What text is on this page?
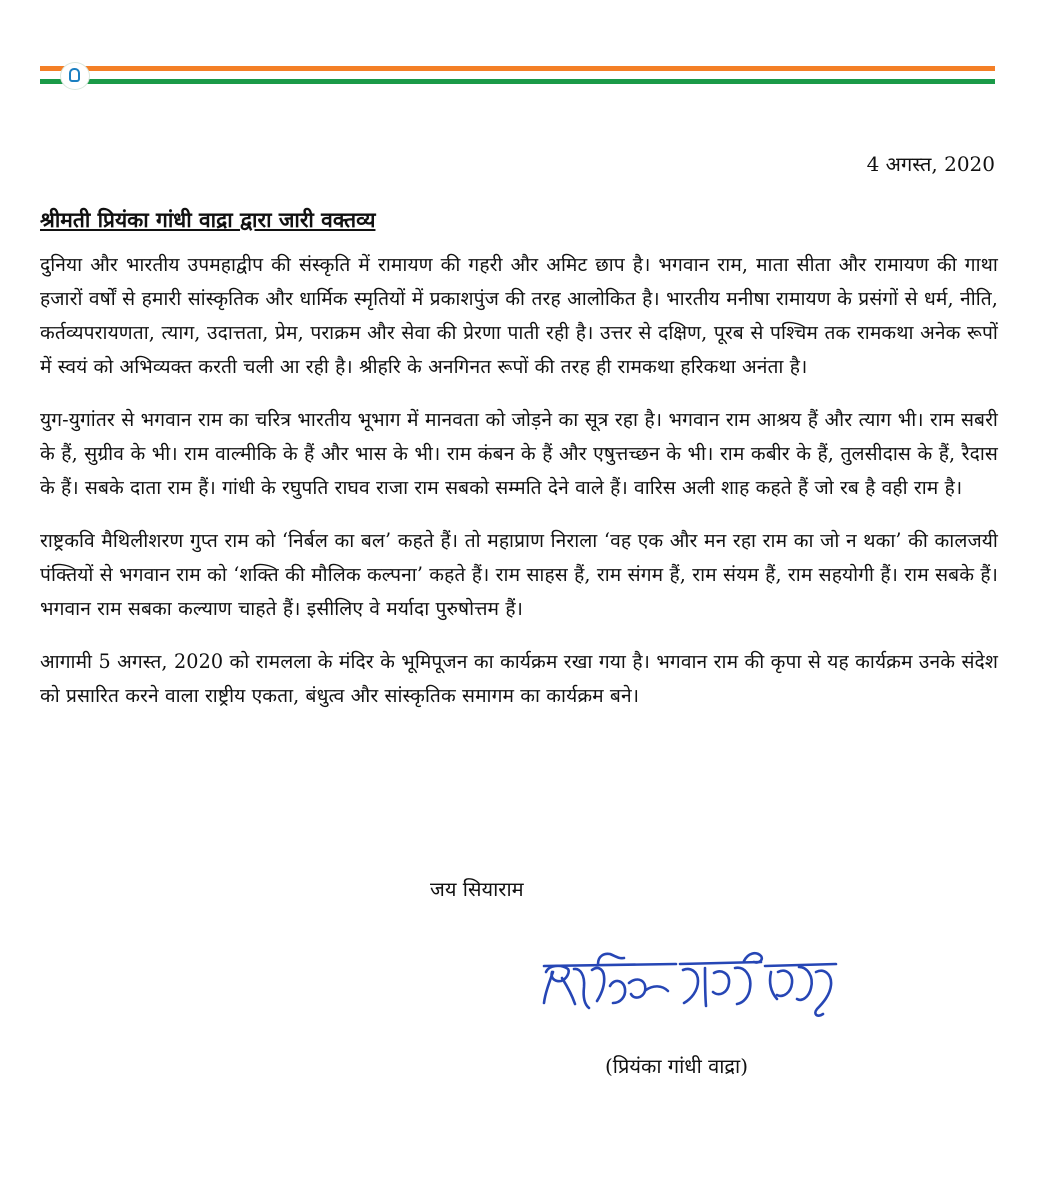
4 अगस्त, 2020
श्रीमती प्रियंका गांधी वाद्रा द्वारा जारी वक्तव्य

दुनिया और भारतीय उपमहाद्वीप की संस्कृति में रामायण की गहरी और अमिट छाप है। भगवान राम, माता सीता और रामायण की गाथा हजारों वर्षों से हमारी सांस्कृतिक और धार्मिक स्मृतियों में प्रकाशपुंज की तरह आलोकित है। भारतीय मनीषा रामायण के प्रसंगों से धर्म, नीति, कर्तव्यपरायणता, त्याग, उदात्तता, प्रेम, पराक्रम और सेवा की प्रेरणा पाती रही है। उत्तर से दक्षिण, पूरब से पश्चिम तक रामकथा अनेक रूपों में स्वयं को अभिव्यक्त करती चली आ रही है। श्रीहरि के अनगिनत रूपों की तरह ही रामकथा हरिकथा अनंता है।

युग-युगांतर से भगवान राम का चरित्र भारतीय भूभाग में मानवता को जोड़ने का सूत्र रहा है। भगवान राम आश्रय हैं और त्याग भी। राम सबरी के हैं, सुग्रीव के भी। राम वाल्मीकि के हैं और भास के भी। राम कंबन के हैं और एषुत्तच्छन के भी। राम कबीर के हैं, तुलसीदास के हैं, रैदास के हैं। सबके दाता राम हैं। गांधी के रघुपति राघव राजा राम सबको सम्मति देने वाले हैं। वारिस अली शाह कहते हैं जो रब है वही राम है।

राष्ट्रकवि मैथिलीशरण गुप्त राम को ‘निर्बल का बल’ कहते हैं। तो महाप्राण निराला ‘वह एक और मन रहा राम का जो न थका’ की कालजयी पंक्तियों से भगवान राम को ‘शक्ति की मौलिक कल्पना’ कहते हैं। राम साहस हैं, राम संगम हैं, राम संयम हैं, राम सहयोगी हैं। राम सबके हैं। भगवान राम सबका कल्याण चाहते हैं। इसीलिए वे मर्यादा पुरुषोत्तम हैं।

आगामी 5 अगस्त, 2020 को रामलला के मंदिर के भूमिपूजन का कार्यक्रम रखा गया है। भगवान राम की कृपा से यह कार्यक्रम उनके संदेश को प्रसारित करने वाला राष्ट्रीय एकता, बंधुत्व और सांस्कृतिक समागम का कार्यक्रम बने।

जय सियाराम
(प्रियंका गांधी वाद्रा)
